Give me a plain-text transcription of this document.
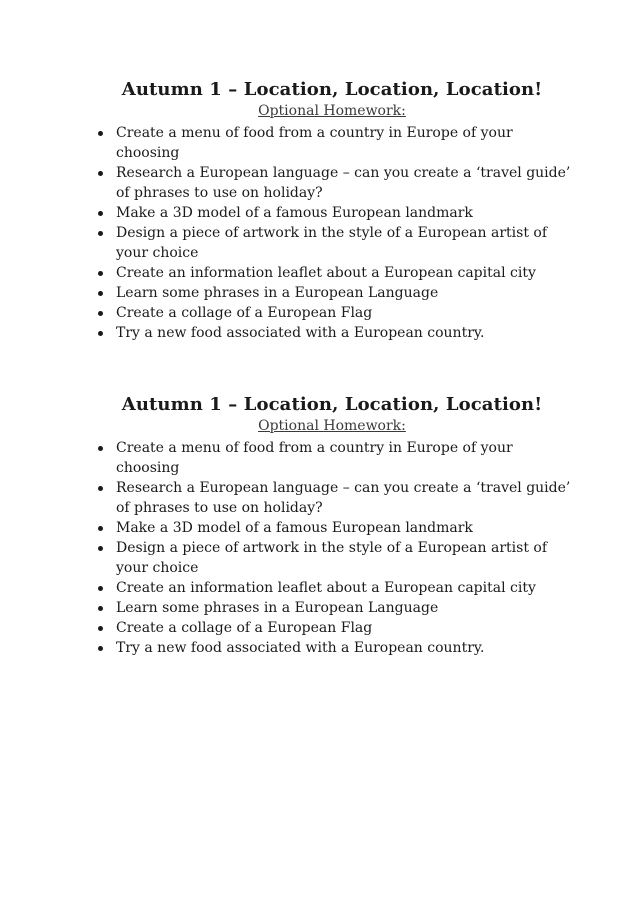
Autumn 1 – Location, Location, Location!

Optional Homework:

Create a menu of food from a country in Europe of your choosing
Research a European language – can you create a ‘travel guide’ of phrases to use on holiday?
Make a 3D model of a famous European landmark
Design a piece of artwork in the style of a European artist of your choice
Create an information leaflet about a European capital city
Learn some phrases in a European Language
Create a collage of a European Flag
Try a new food associated with a European country.
Autumn 1 – Location, Location, Location!

Optional Homework:

Create a menu of food from a country in Europe of your choosing
Research a European language – can you create a ‘travel guide’ of phrases to use on holiday?
Make a 3D model of a famous European landmark
Design a piece of artwork in the style of a European artist of your choice
Create an information leaflet about a European capital city
Learn some phrases in a European Language
Create a collage of a European Flag
Try a new food associated with a European country.
